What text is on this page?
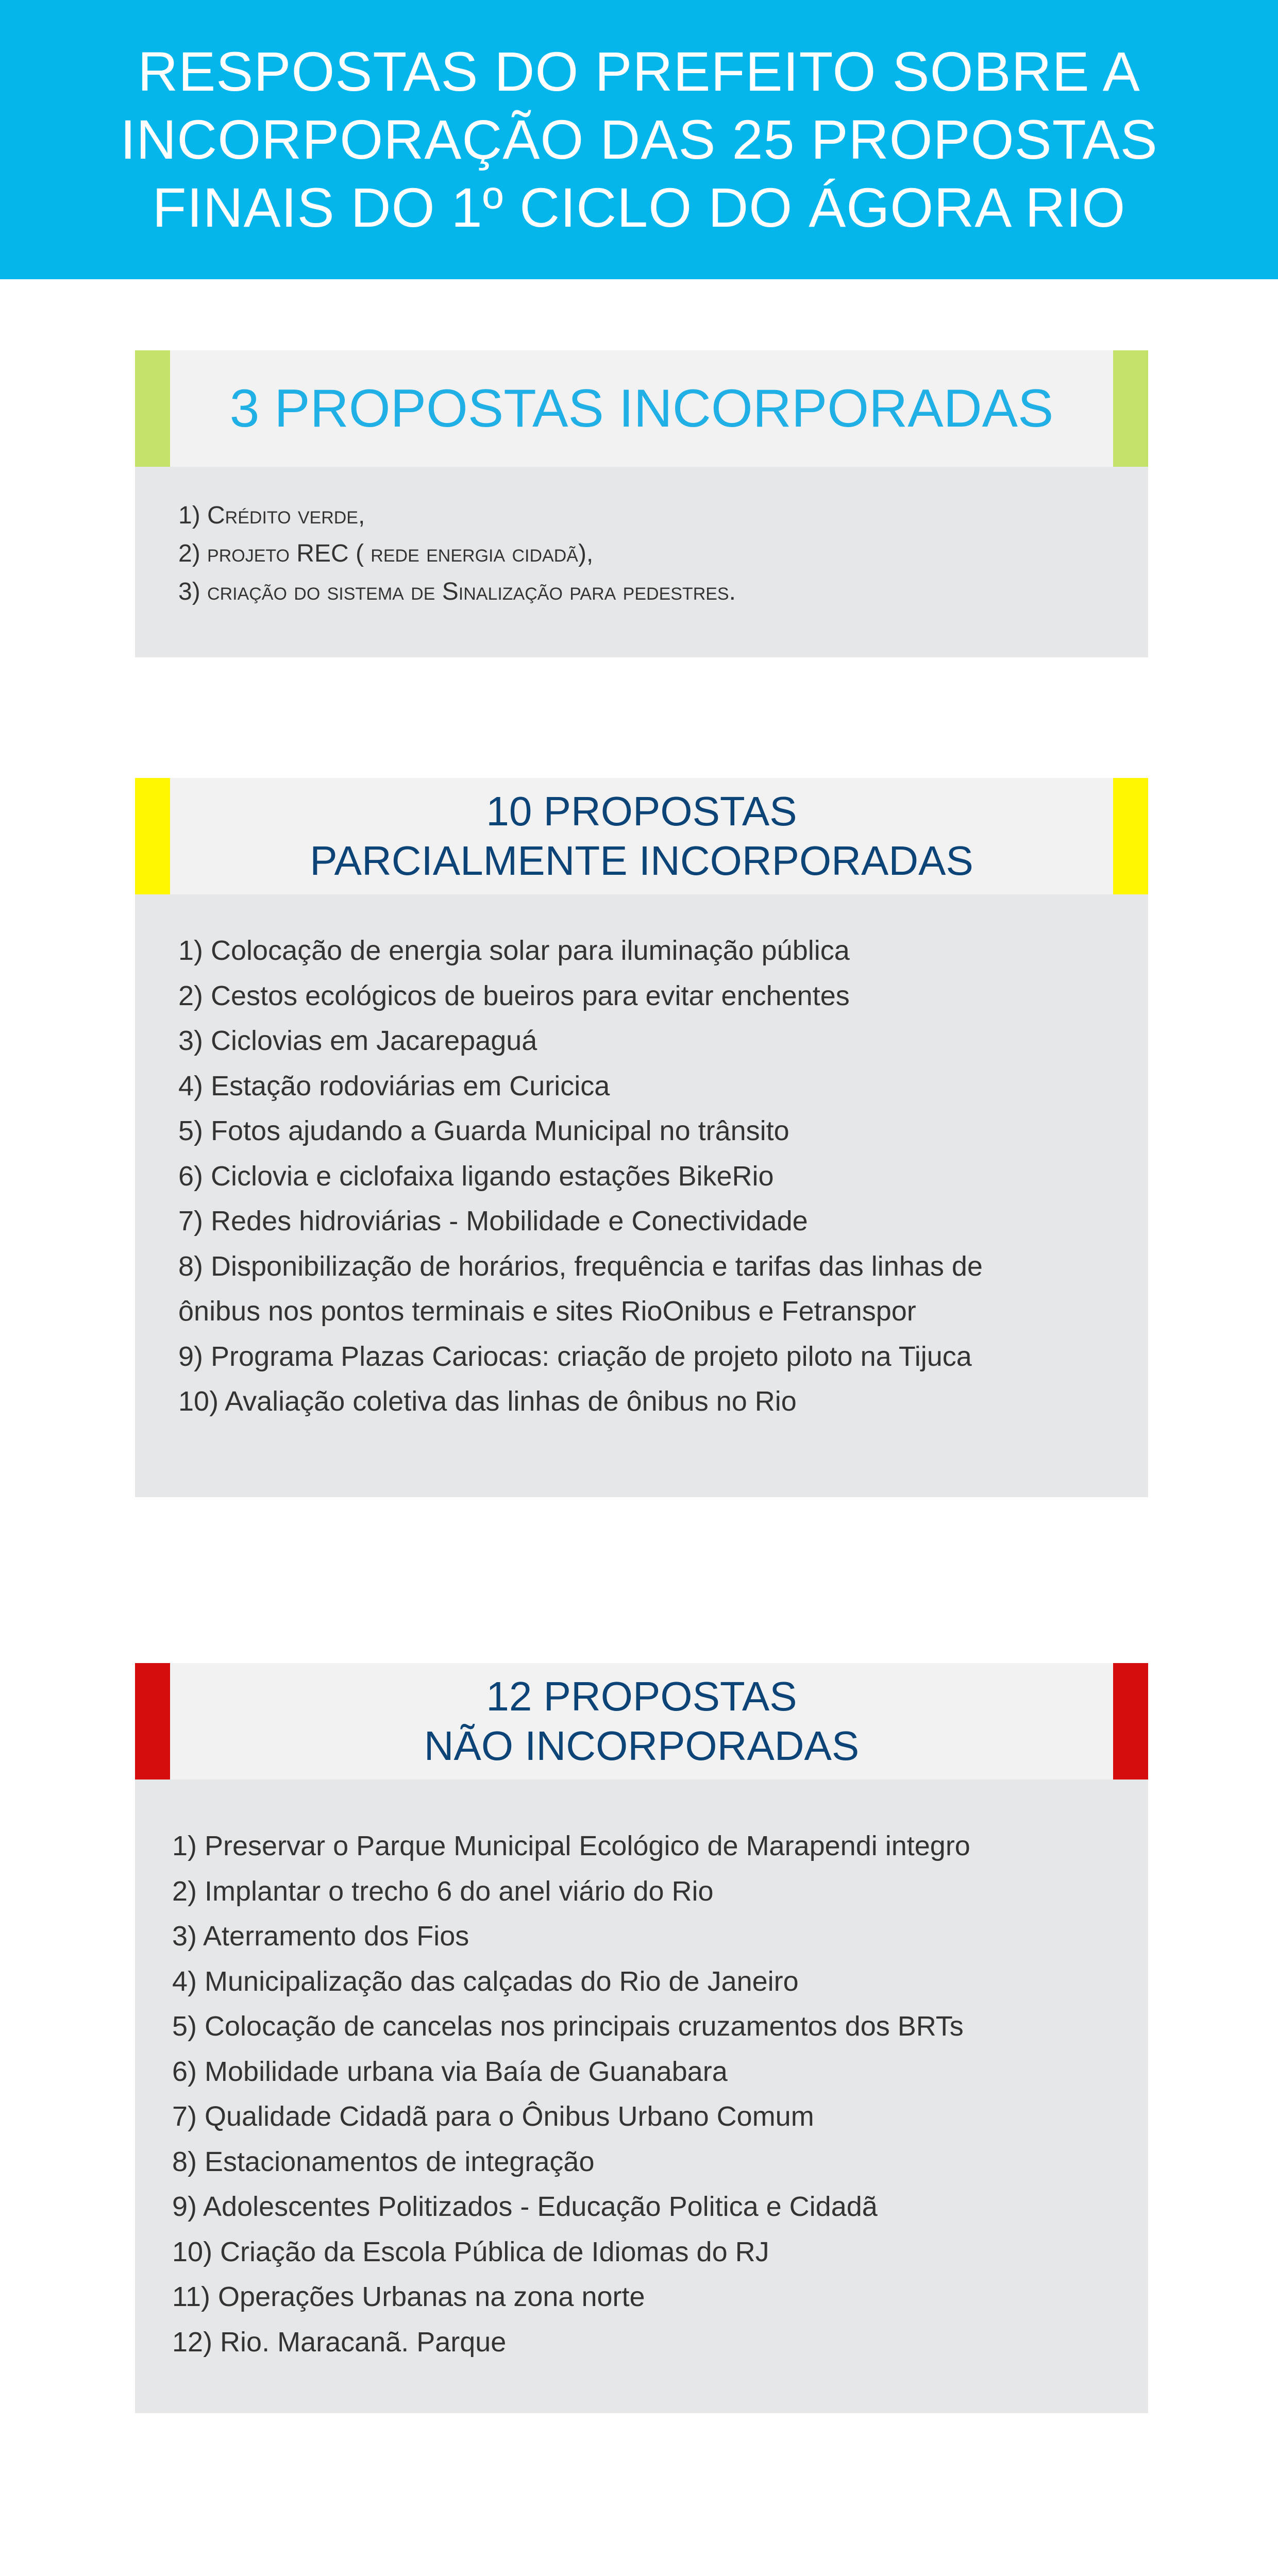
RESPOSTAS DO PREFEITO SOBRE A
INCORPORAÇÃO DAS 25 PROPOSTAS
FINAIS DO 1º CICLO DO ÁGORA RIO
3 PROPOSTAS INCORPORADAS
1) Crédito verde,
2) projeto REC ( rede energia cidadã),
3) criação do sistema de Sinalização para pedestres.
10 PROPOSTAS
PARCIALMENTE INCORPORADAS
1) Colocação de energia solar para iluminação pública
2) Cestos ecológicos de bueiros para evitar enchentes
3) Ciclovias em Jacarepaguá
4) Estação rodoviárias em Curicica
5) Fotos ajudando a Guarda Municipal no trânsito
6) Ciclovia e ciclofaixa ligando estações BikeRio
7) Redes hidroviárias - Mobilidade e Conectividade
8) Disponibilização de horários, frequência e tarifas das linhas de
ônibus nos pontos terminais e sites RioOnibus e Fetranspor
9) Programa Plazas Cariocas: criação de projeto piloto na Tijuca
10) Avaliação coletiva das linhas de ônibus no Rio
12 PROPOSTAS
NÃO INCORPORADAS
1) Preservar o Parque Municipal Ecológico de Marapendi integro
2) Implantar o trecho 6 do anel viário do Rio
3) Aterramento dos Fios
4) Municipalização das calçadas do Rio de Janeiro
5) Colocação de cancelas nos principais cruzamentos dos BRTs
6) Mobilidade urbana via Baía de Guanabara
7) Qualidade Cidadã para o Ônibus Urbano Comum
8) Estacionamentos de integração
9) Adolescentes Politizados - Educação Politica e Cidadã
10) Criação da Escola Pública de Idiomas do RJ
11) Operações Urbanas na zona norte
12) Rio. Maracanã. Parque
